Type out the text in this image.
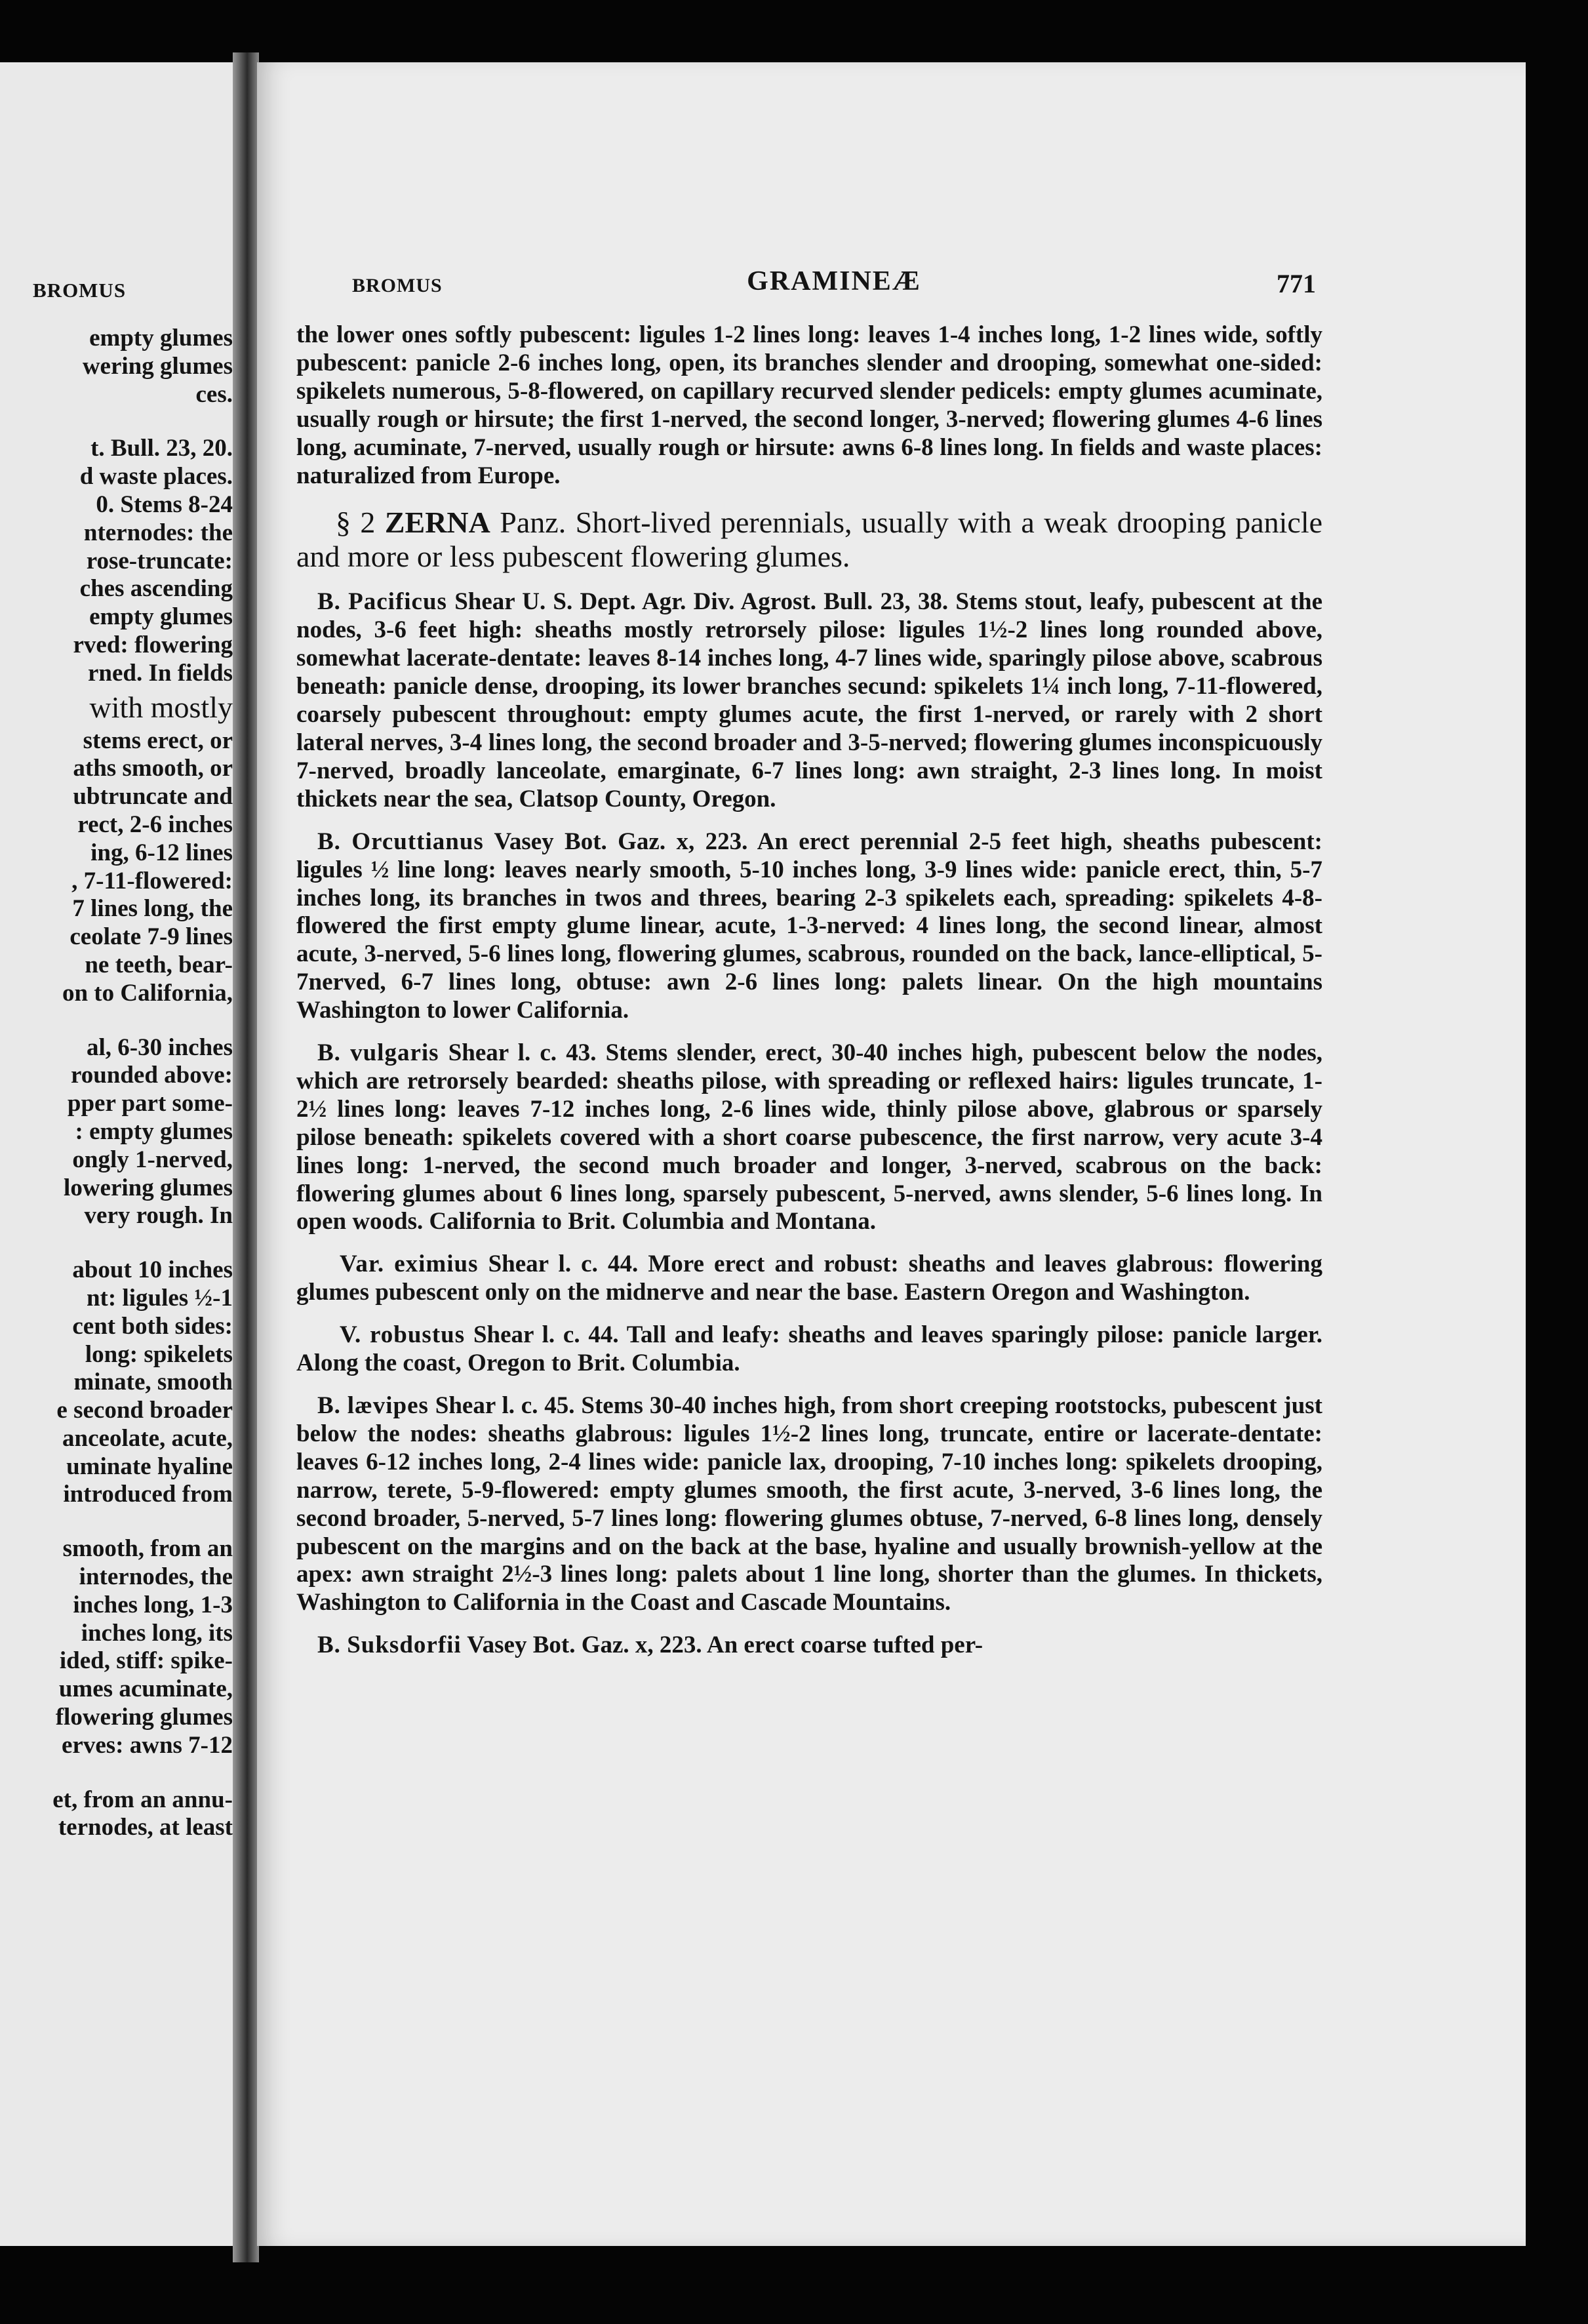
BROMUS
empty glumes
wering glumes
ces.
t. Bull. 23, 20.
d waste places.
0. Stems 8-24
nternodes: the
rose-truncate:
ches ascending
empty glumes
rved: flowering
rned. In fields
with mostly
stems erect, or
aths smooth, or
ubtruncate and
rect, 2-6 inches
ing, 6-12 lines
, 7-11-flowered:
7 lines long, the
ceolate 7-9 lines
ne teeth, bear-
on to California,
al, 6-30 inches
rounded above:
pper part some-
: empty glumes
ongly 1-nerved,
lowering glumes
very rough. In
about 10 inches
nt: ligules ½-1
cent both sides:
long: spikelets
minate, smooth
e second broader
anceolate, acute,
uminate hyaline
introduced from
smooth, from an
internodes, the
inches long, 1-3
inches long, its
ided, stiff: spike-
umes acuminate,
flowering glumes
erves: awns 7-12
et, from an annu-
ternodes, at least
BROMUS	GRAMINEÆ	771

the lower ones softly pubescent: ligules 1-2 lines long: leaves 1-4 inches long, 1-2 lines wide, softly pubescent: panicle 2-6 inches long, open, its branches slender and drooping, somewhat one-sided: spikelets numerous, 5-8-flowered, on capillary recurved slender pedicels: empty glumes acuminate, usually rough or hirsute; the first 1-nerved, the second longer, 3-nerved; flowering glumes 4-6 lines long, acuminate, 7-nerved, usually rough or hirsute: awns 6-8 lines long. In fields and waste places: naturalized from Europe.

§ 2 ZERNA Panz. Short-lived perennials, usually with a weak drooping panicle and more or less pubescent flowering glumes.

B. Pacificus Shear U. S. Dept. Agr. Div. Agrost. Bull. 23, 38. Stems stout, leafy, pubescent at the nodes, 3-6 feet high: sheaths mostly retrorsely pilose: ligules 1½-2 lines long rounded above, somewhat lacerate-dentate: leaves 8-14 inches long, 4-7 lines wide, sparingly pilose above, scabrous beneath: panicle dense, drooping, its lower branches secund: spikelets 1¼ inch long, 7-11-flowered, coarsely pubescent throughout: empty glumes acute, the first 1-nerved, or rarely with 2 short lateral nerves, 3-4 lines long, the second broader and 3-5-nerved; flowering glumes inconspicuously 7-nerved, broadly lanceolate, emarginate, 6-7 lines long: awn straight, 2-3 lines long. In moist thickets near the sea, Clatsop County, Oregon.

B. Orcuttianus Vasey Bot. Gaz. x, 223. An erect perennial 2-5 feet high, sheaths pubescent: ligules ½ line long: leaves nearly smooth, 5-10 inches long, 3-9 lines wide: panicle erect, thin, 5-7 inches long, its branches in twos and threes, bearing 2-3 spikelets each, spreading: spikelets 4-8-flowered the first empty glume linear, acute, 1-3-nerved: 4 lines long, the second linear, almost acute, 3-nerved, 5-6 lines long, flowering glumes, scabrous, rounded on the back, lance-elliptical, 5-7nerved, 6-7 lines long, obtuse: awn 2-6 lines long: palets linear. On the high mountains Washington to lower California.

B. vulgaris Shear l. c. 43. Stems slender, erect, 30-40 inches high, pubescent below the nodes, which are retrorsely bearded: sheaths pilose, with spreading or reflexed hairs: ligules truncate, 1-2½ lines long: leaves 7-12 inches long, 2-6 lines wide, thinly pilose above, glabrous or sparsely pilose beneath: spikelets covered with a short coarse pubescence, the first narrow, very acute 3-4 lines long: 1-nerved, the second much broader and longer, 3-nerved, scabrous on the back: flowering glumes about 6 lines long, sparsely pubescent, 5-nerved, awns slender, 5-6 lines long. In open woods. California to Brit. Columbia and Montana.

Var. eximius Shear l. c. 44. More erect and robust: sheaths and leaves glabrous: flowering glumes pubescent only on the midnerve and near the base. Eastern Oregon and Washington.

V. robustus Shear l. c. 44. Tall and leafy: sheaths and leaves sparingly pilose: panicle larger. Along the coast, Oregon to Brit. Columbia.

B. lævipes Shear l. c. 45. Stems 30-40 inches high, from short creeping rootstocks, pubescent just below the nodes: sheaths glabrous: ligules 1½-2 lines long, truncate, entire or lacerate-dentate: leaves 6-12 inches long, 2-4 lines wide: panicle lax, drooping, 7-10 inches long: spikelets drooping, narrow, terete, 5-9-flowered: empty glumes smooth, the first acute, 3-nerved, 3-6 lines long, the second broader, 5-nerved, 5-7 lines long: flowering glumes obtuse, 7-nerved, 6-8 lines long, densely pubescent on the margins and on the back at the base, hyaline and usually brownish-yellow at the apex: awn straight 2½-3 lines long: palets about 1 line long, shorter than the glumes. In thickets, Washington to California in the Coast and Cascade Mountains.

B. Suksdorfii Vasey Bot. Gaz. x, 223. An erect coarse tufted per-
